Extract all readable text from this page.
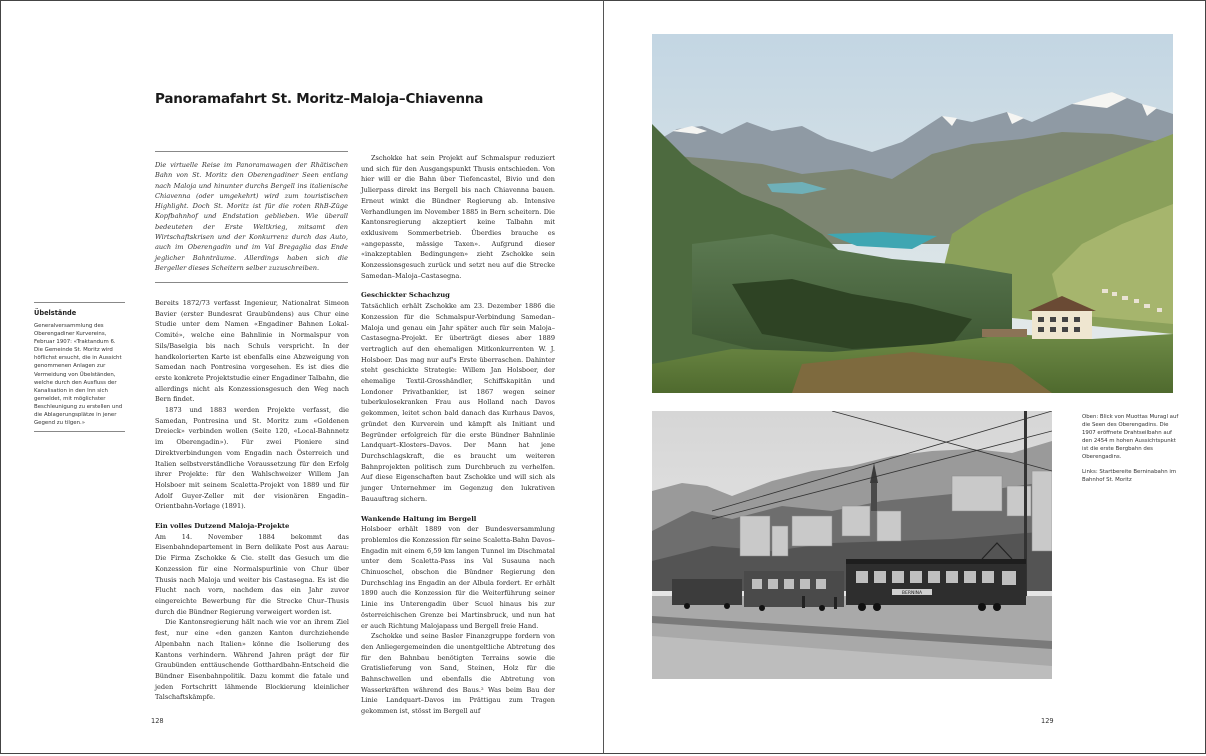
Panoramafahrt St. Moritz–Maloja–Chiavenna

Die virtuelle Reise im Panoramawagen der Rhätischen Bahn von St. Moritz den Oberengadiner Seen entlang nach Maloja und hinunter durchs Bergell ins italienische Chiavenna (oder umgekehrt) wird zum touristischen Highlight. Doch St. Moritz ist für die roten RhB-Züge Kopfbahnhof und Endstation geblieben. Wie überall bedeuteten der Erste Weltkrieg, mitsamt den Wirtschaftskrisen und der Konkurrenz durch das Auto, auch im Oberengadin und im Val Bregaglia das Ende jeglicher Bahnträume. Allerdings haben sich die Bergeller dieses Scheitern selber zuzuschreiben.

Übelstände

Generalversammlung des Oberengadiner Kurvereins, Februar 1907: «Traktandum 6. Die Gemeinde St. Moritz wird höflichst ersucht, die in Aussicht genommenen Anlagen zur Vermeidung von Übelständen, welche durch den Ausfluss der Kanalisation in den Inn sich gemeldet, mit möglichster Beschleunigung zu erstellen und die Ablagerungsplätze in jener Gegend zu tilgen.»

Bereits 1872/73 verfasst Ingenieur, Nationalrat Simeon Bavier (erster Bundesrat Graubündens) aus Chur eine Studie unter dem Namen «Engadiner Bahnen Lokal-Comité», welche eine Bahnlinie in Normalspur von Sils/Baselgia bis nach Schuls verspricht. In der handkolorierten Karte ist ebenfalls eine Abzweigung von Samedan nach Pontresina vorgesehen. Es ist dies die erste konkrete Projektstudie einer Engadiner Talbahn, die allerdings nicht als Konzessionsgesuch den Weg nach Bern findet.

1873 und 1883 werden Projekte verfasst, die Samedan, Pontresina und St. Moritz zum «Goldenen Dreieck» verbinden wollen (Seite 120, «Local-Bahnnetz im Oberengadin»). Für zwei Pioniere sind Direktverbindungen vom Engadin nach Österreich und Italien selbstverständliche Voraussetzung für den Erfolg ihrer Projekte: für den Wahlschweizer Willem Jan Holsboer mit seinem Scaletta-Projekt von 1889 und für Adolf Guyer-Zeller mit der visionären Engadin–Orientbahn-Vorlage (1891).

Ein volles Dutzend Maloja-Projekte

Am 14. November 1884 bekommt das Eisenbahndepartement in Bern delikate Post aus Aarau: Die Firma Zschokke & Cie. stellt das Gesuch um die Konzession für eine Normalspurlinie von Chur über Thusis nach Maloja und weiter bis Castasegna. Es ist die Flucht nach vorn, nachdem das ein Jahr zuvor eingereichte Bewerbung für die Strecke Chur–Thusis durch die Bündner Regierung verweigert worden ist.

Die Kantonsregierung hält nach wie vor an ihrem Ziel fest, nur eine «den ganzen Kanton durchziehende Alpenbahn nach Italien» könne die Isolierung des Kantons verhindern. Während Jahren prägt der für Graubünden enttäuschende Gotthardbahn-Entscheid die Bündner Eisenbahnpolitik. Dazu kommt die fatale und jeden Fortschritt lähmende Blockierung kleinlicher Talschaftskämpfe.

Zschokke hat sein Projekt auf Schmalspur reduziert und sich für den Ausgangspunkt Thusis entschieden. Von hier will er die Bahn über Tiefencastel, Bivio und den Julierpass direkt ins Bergell bis nach Chiavenna bauen. Erneut winkt die Bündner Regierung ab. Intensive Verhandlungen im November 1885 in Bern scheitern. Die Kantonsregierung akzeptiert keine Talbahn mit exklusivem Sommerbetrieb. Überdies brauche es «angepasste, mässige Taxen». Aufgrund dieser «inakzeptablen Bedingungen» zieht Zschokke sein Konzessionsgesuch zurück und setzt neu auf die Strecke Samedan–Maloja–Castasegna.

Geschickter Schachzug

Tatsächlich erhält Zschokke am 23. Dezember 1886 die Konzession für die Schmalspur-Verbindung Samedan–Maloja und genau ein Jahr später auch für sein Maloja–Castasegna-Projekt. Er überträgt dieses aber 1889 vertraglich auf den ehemaligen Mitkonkurrenten W. J. Holsboer. Das mag nur auf's Erste überraschen. Dahinter steht geschickte Strategie: Willem Jan Holsboer, der ehemalige Textil-Grosshändler, Schiffskapitän und Londoner Privatbankier, ist 1867 wegen seiner tuberkulosekranken Frau aus Holland nach Davos gekommen, leitet schon bald danach das Kurhaus Davos, gründet den Kurverein und kämpft als Initiant und Begründer erfolgreich für die erste Bündner Bahnlinie Landquart–Klosters–Davos. Der Mann hat jene Durchschlagskraft, die es braucht um weiteren Bahnprojekten politisch zum Durchbruch zu verhelfen. Auf diese Eigenschaften baut Zschokke und will sich als junger Unternehmer im Gegenzug den lukrativen Bauauftrag sichern.

Wankende Haltung im Bergell

Holsboer erhält 1889 von der Bundesversammlung problemlos die Konzession für seine Scaletta-Bahn Davos–Engadin mit einem 6,59 km langen Tunnel im Dischmatal unter dem Scaletta-Pass ins Val Susauna nach Chinuoschel, obschon die Bündner Regierung den Durchschlag ins Engadin an der Albula fordert. Er erhält 1890 auch die Konzession für die Weiterführung seiner Linie ins Unterengadin über Scuol hinaus bis zur österreichischen Grenze bei Martinsbruck, und nun hat er auch Richtung Malojapass und Bergell freie Hand.

Zschokke und seine Basler Finanzgruppe fordern von den Anliegergemeinden die unentgeltliche Abtretung des für den Bahnbau benötigten Terrains sowie die Gratislieferung von Sand, Steinen, Holz für die Bahnschwellen und ebenfalls die Abtretung von Wasserkräften während des Baus.² Was beim Bau der Linie Landquart–Davos im Prättigau zum Tragen gekommen ist, stösst im Bergell auf

128	129
BERNINA

Oben: Blick von Muottas Muragl auf die Seen des Oberengadins. Die 1907 eröffnete Drahtseilbahn auf den 2454 m hohen Aussichtspunkt ist die erste Bergbahn des Oberengadins.

Links: Startbereite Berninabahn im Bahnhof St. Moritz
